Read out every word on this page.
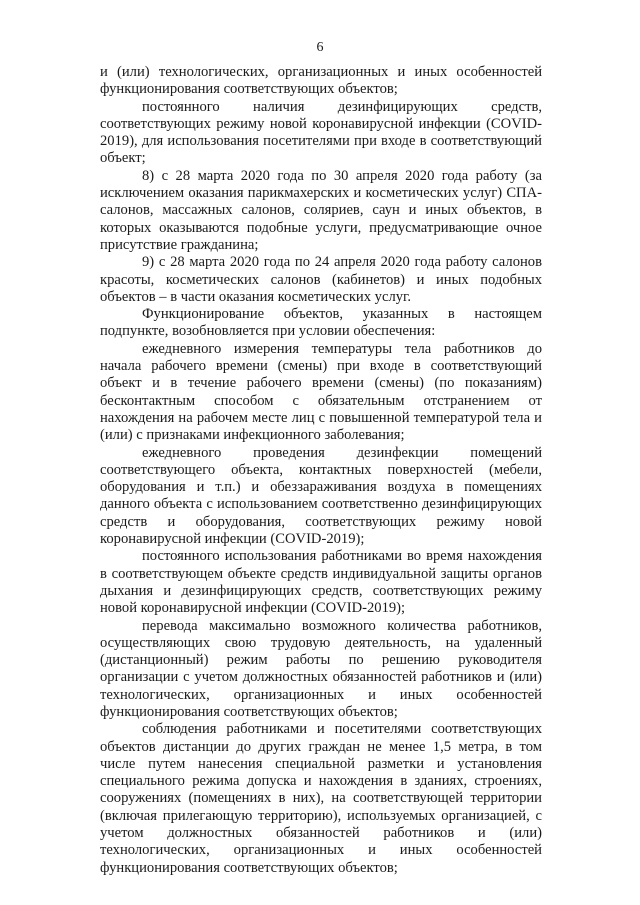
6

и (или) технологических, организационных и иных особенностей функционирования соответствующих объектов;

постоянного наличия дезинфицирующих средств, соответствующих режиму новой коронавирусной инфекции (COVID-2019), для использования посетителями при входе в соответствующий объект;

8) с 28 марта 2020 года по 30 апреля 2020 года работу (за исключением оказания парикмахерских и косметических услуг) СПА-салонов, массажных салонов, соляриев, саун и иных объектов, в которых оказываются подобные услуги, предусматривающие очное присутствие гражданина;

9) с 28 марта 2020 года по 24 апреля 2020 года работу салонов красоты, косметических салонов (кабинетов) и иных подобных объектов – в части оказания косметических услуг.

Функционирование объектов, указанных в настоящем подпункте, возобновляется при условии обеспечения:

ежедневного измерения температуры тела работников до начала рабочего времени (смены) при входе в соответствующий объект и в течение рабочего времени (смены) (по показаниям) бесконтактным способом с обязательным отстранением от нахождения на рабочем месте лиц с повышенной температурой тела и (или) с признаками инфекционного заболевания;

ежедневного проведения дезинфекции помещений соответствующего объекта, контактных поверхностей (мебели, оборудования и т.п.) и обеззараживания воздуха в помещениях данного объекта с использованием соответственно дезинфицирующих средств и оборудования, соответствующих режиму новой коронавирусной инфекции (COVID-2019);

постоянного использования работниками во время нахождения в соответствующем объекте средств индивидуальной защиты органов дыхания и дезинфицирующих средств, соответствующих режиму новой коронавирусной инфекции (COVID-2019);

перевода максимально возможного количества работников, осуществляющих свою трудовую деятельность, на удаленный (дистанционный) режим работы по решению руководителя организации с учетом должностных обязанностей работников и (или) технологических, организационных и иных особенностей функционирования соответствующих объектов;

соблюдения работниками и посетителями соответствующих объектов дистанции до других граждан не менее 1,5 метра, в том числе путем нанесения специальной разметки и установления специального режима допуска и нахождения в зданиях, строениях, сооружениях (помещениях в них), на соответствующей территории (включая прилегающую территорию), используемых организацией, с учетом должностных обязанностей работников и (или) технологических, организационных и иных особенностей функционирования соответствующих объектов;
